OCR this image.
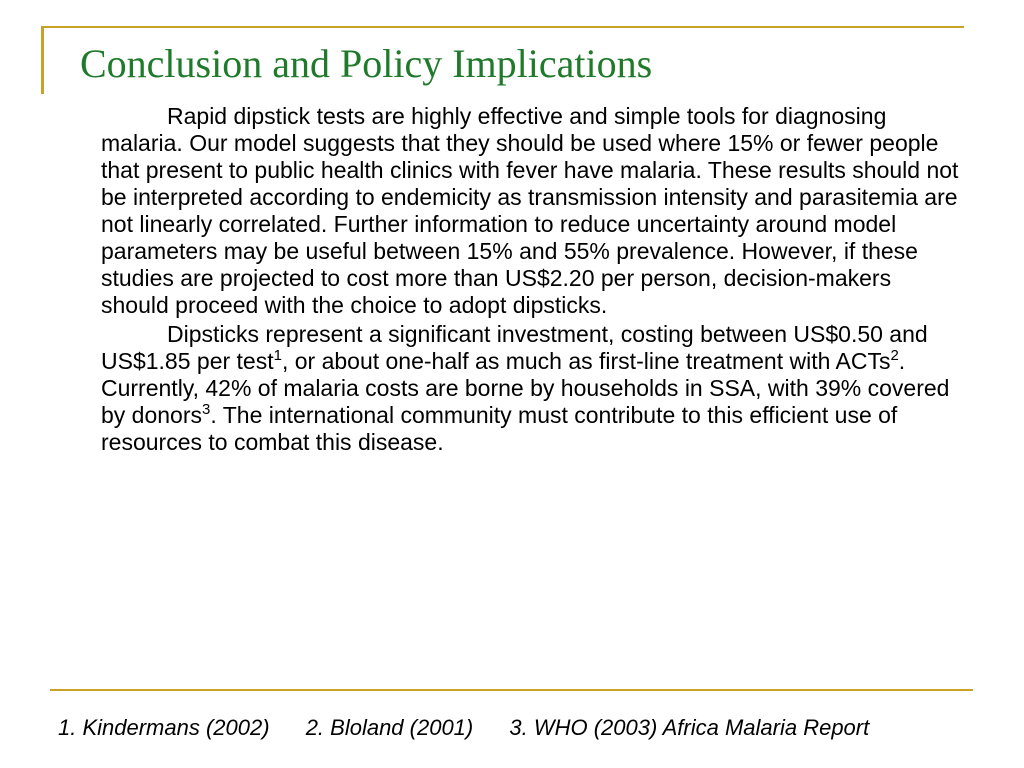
Conclusion and Policy Implications

Rapid dipstick tests are highly effective and simple tools for diagnosing malaria. Our model suggests that they should be used where 15% or fewer people that present to public health clinics with fever have malaria. These results should not be interpreted according to endemicity as transmission intensity and parasitemia are not linearly correlated. Further information to reduce uncertainty around model parameters may be useful between 15% and 55% prevalence. However, if these studies are projected to cost more than US$2.20 per person, decision-makers should proceed with the choice to adopt dipsticks.

Dipsticks represent a significant investment, costing between US$0.50 and US$1.85 per test$^1$, or about one-half as much as first-line treatment with ACTs$^2$. Currently, 42% of malaria costs are borne by households in SSA, with 39% covered by donors$^3$. The international community must contribute to this efficient use of resources to combat this disease.

1. Kindermans (2002) 2. Bloland (2001) 3. WHO (2003) Africa Malaria Report
